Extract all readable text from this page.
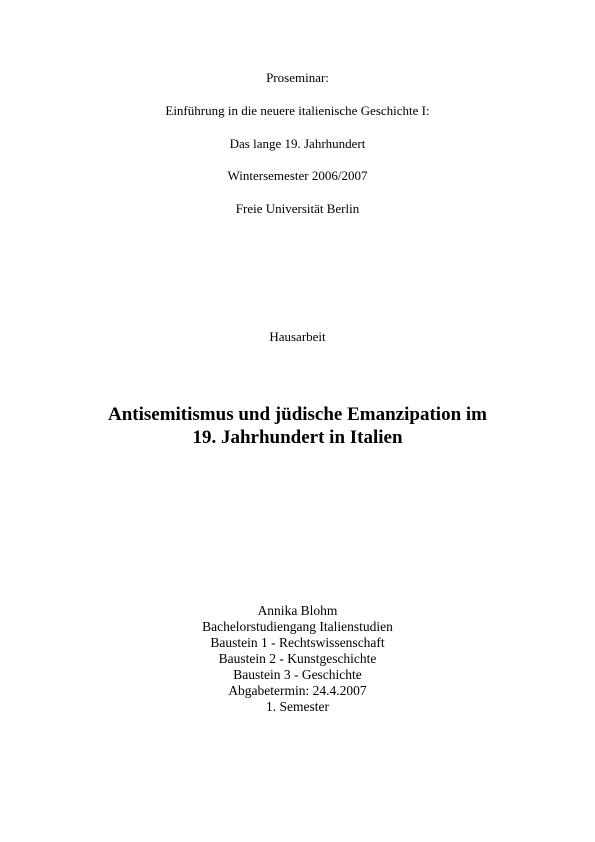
Proseminar:
Einführung in die neuere italienische Geschichte I:
Das lange 19. Jahrhundert
Wintersemester 2006/2007
Freie Universität Berlin
Hausarbeit
Antisemitismus und jüdische Emanzipation im
19. Jahrhundert in Italien
Annika Blohm
Bachelorstudiengang Italienstudien
Baustein 1 - Rechtswissenschaft
Baustein 2 - Kunstgeschichte
Baustein 3 - Geschichte
Abgabetermin: 24.4.2007
1. Semester
